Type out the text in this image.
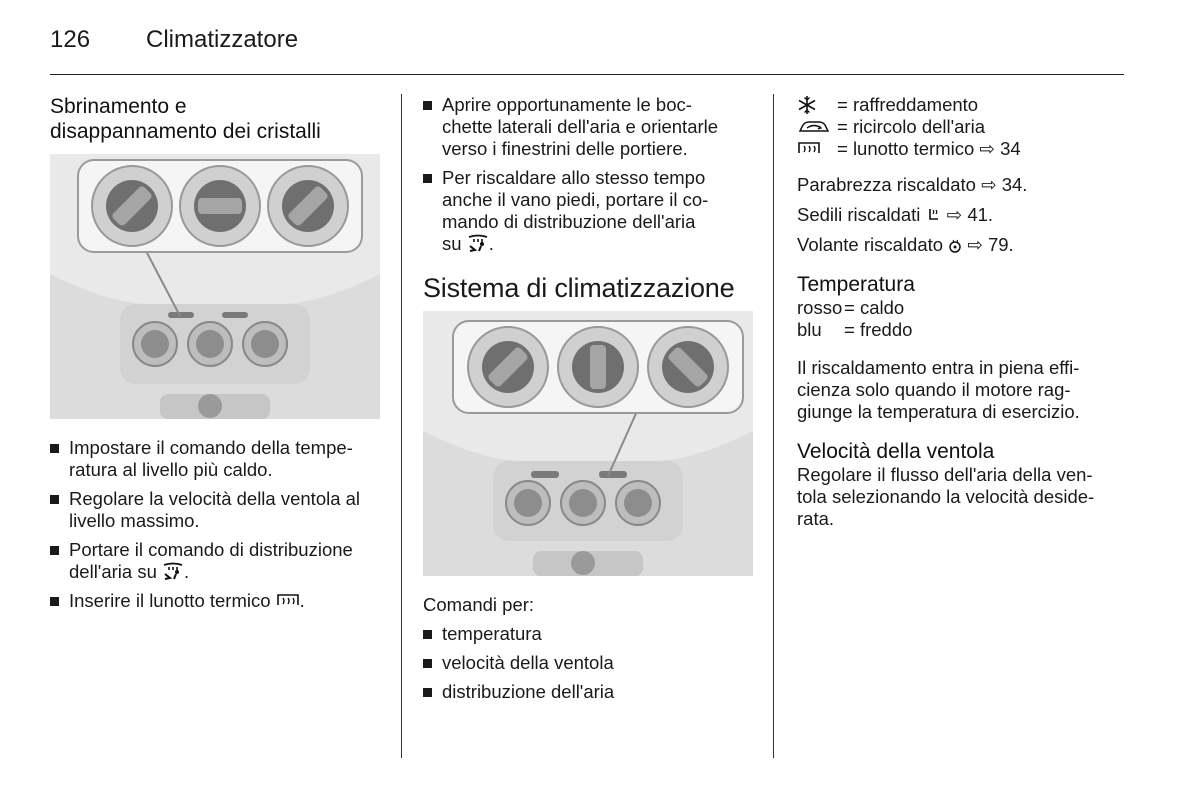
126 Climatizzatore
Sbrinamento e
disappannamento dei cristalli
Impostare il comando della tempe-
ratura al livello più caldo.
Regolare la velocità della ventola al
livello massimo.
Portare il comando di distribuzione
dell'aria su .
Inserire il lunotto termico .
Aprire opportunamente le boc-
chette laterali dell'aria e orientarle
verso i finestrini delle portiere.
Per riscaldare allo stesso tempo
anche il vano piedi, portare il co-
mando di distribuzione dell'aria
su .
Sistema di climatizzazione

Comandi per:

temperatura
velocità della ventola
distribuzione dell'aria
= raffreddamento
= ricircolo dell'aria
= lunotto termico
⇨
34

Parabrezza riscaldato ⇨ 34.

Sedili riscaldati ⇨ 41.

Volante riscaldato ⇨ 79.

Temperatura
rosso = caldo
blu	= freddo

Il riscaldamento entra in piena effi-
cienza solo quando il motore rag-
giunge la temperatura di esercizio.

Velocità della ventola

Regolare il flusso dell'aria della ven-
tola selezionando la velocità deside-
rata.
